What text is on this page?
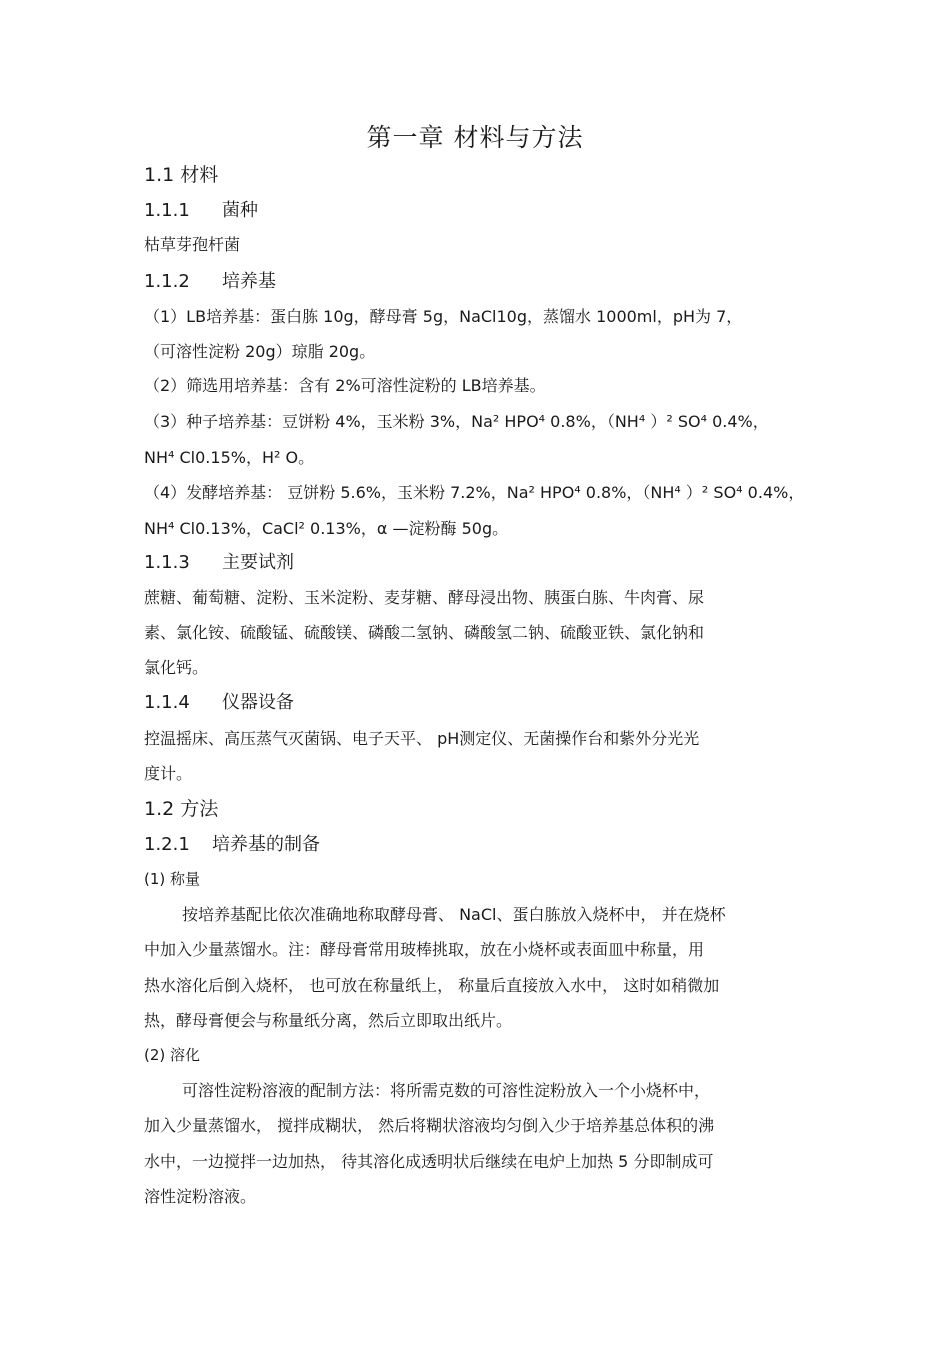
第一章 材料与方法
1.1 材料
1.1.1 菌种
枯草芽孢杆菌
1.1.2 培养基
（1）LB培养基：蛋白胨 10g，酵母膏 5g，NaCl10g，蒸馏水 1000ml，pH为 7，
（可溶性淀粉 20g）琼脂 20g。
（2）筛选用培养基：含有 2%可溶性淀粉的 LB培养基。
（3）种子培养基：豆饼粉 4%，玉米粉 3%，Na² HPO⁴ 0.8%，（NH⁴ ）² SO⁴ 0.4%，
NH⁴ Cl0.15%，H² O。
（4）发酵培养基： 豆饼粉 5.6%，玉米粉 7.2%，Na² HPO⁴ 0.8%，（NH⁴ ）² SO⁴ 0.4%，
NH⁴ Cl0.13%，CaCl² 0.13%，α —淀粉酶 50g。
1.1.3 主要试剂
蔗糖、葡萄糖、淀粉、玉米淀粉、麦芽糖、酵母浸出物、胰蛋白胨、牛肉膏、尿
素、氯化铵、硫酸锰、硫酸镁、磷酸二氢钠、磷酸氢二钠、硫酸亚铁、氯化钠和
氯化钙。
1.1.4 仪器设备
控温摇床、高压蒸气灭菌锅、电子天平、 pH测定仪、无菌操作台和紫外分光光
度计。
1.2 方法
1.2.1 培养基的制备
(1) 称量
按培养基配比依次准确地称取酵母膏、 NaCl、蛋白胨放入烧杯中， 并在烧杯
中加入少量蒸馏水。注：酵母膏常用玻棒挑取，放在小烧杯或表面皿中称量，用
热水溶化后倒入烧杯， 也可放在称量纸上， 称量后直接放入水中， 这时如稍微加
热，酵母膏便会与称量纸分离，然后立即取出纸片。
(2) 溶化
可溶性淀粉溶液的配制方法：将所需克数的可溶性淀粉放入一个小烧杯中，
加入少量蒸馏水， 搅拌成糊状， 然后将糊状溶液均匀倒入少于培养基总体积的沸
水中，一边搅拌一边加热， 待其溶化成透明状后继续在电炉上加热 5 分即制成可
溶性淀粉溶液。
